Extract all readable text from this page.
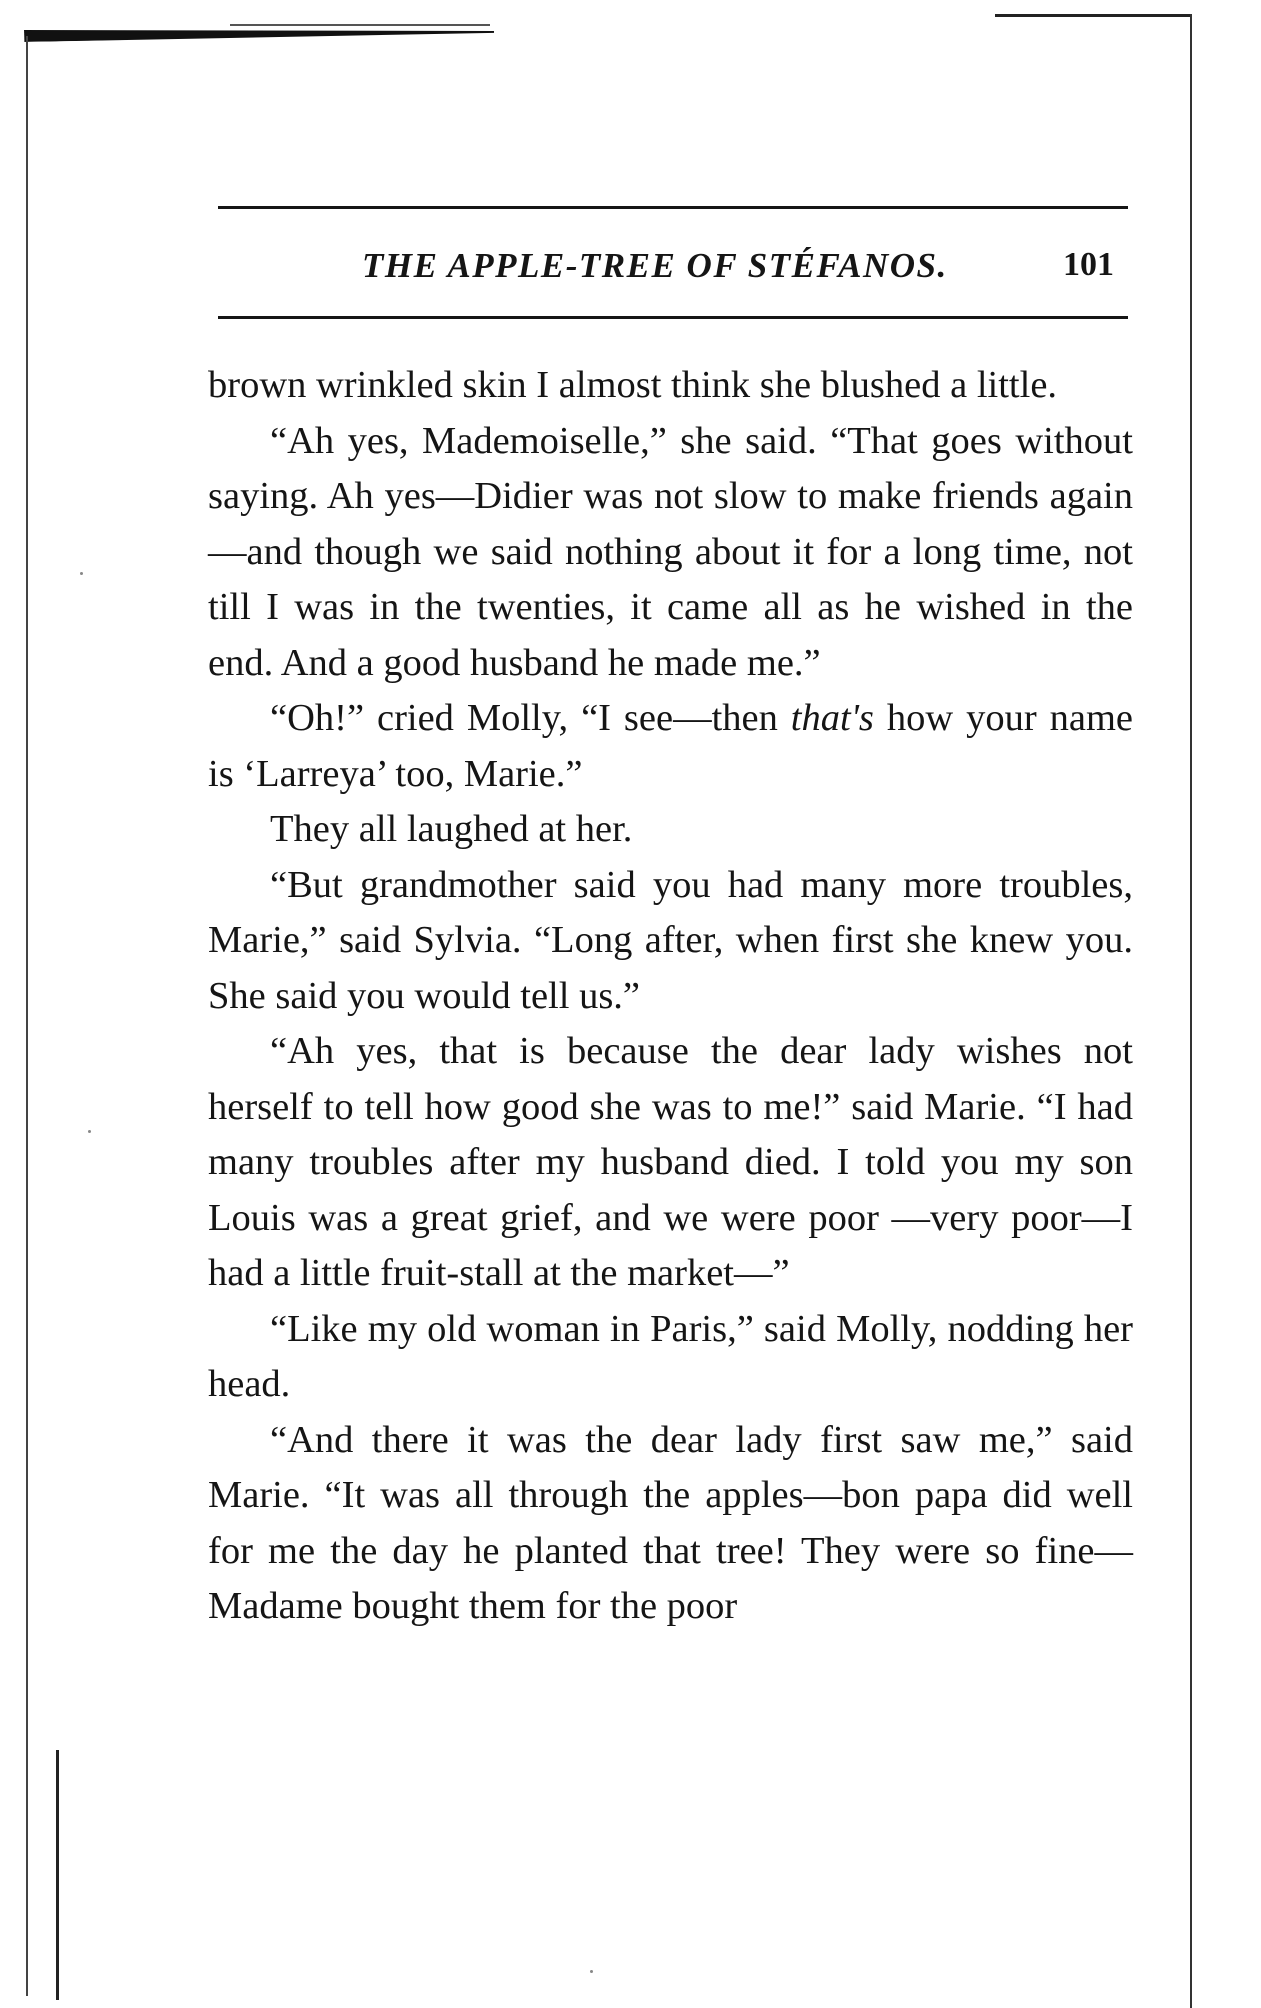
THE APPLE-TREE OF STÉFANOS.	101

brown wrinkled skin I almost think she blushed a little.

“Ah yes, Mademoiselle,” she said. “That goes without saying. Ah yes—Didier was not slow to make friends again—and though we said nothing about it for a long time, not till I was in the twenties, it came all as he wished in the end. And a good husband he made me.”

“Oh!” cried Molly, “I see—then that's how your name is ‘Larreya’ too, Marie.”

They all laughed at her.

“But grandmother said you had many more troubles, Marie,” said Sylvia. “Long after, when first she knew you. She said you would tell us.”

“Ah yes, that is because the dear lady wishes not herself to tell how good she was to me!” said Marie. “I had many troubles after my husband died. I told you my son Louis was a great grief, and we were poor —very poor—I had a little fruit-stall at the market—”

“Like my old woman in Paris,” said Molly, nodding her head.

“And there it was the dear lady first saw me,” said Marie. “It was all through the apples—bon papa did well for me the day he planted that tree! They were so fine—Madame bought them for the poor
